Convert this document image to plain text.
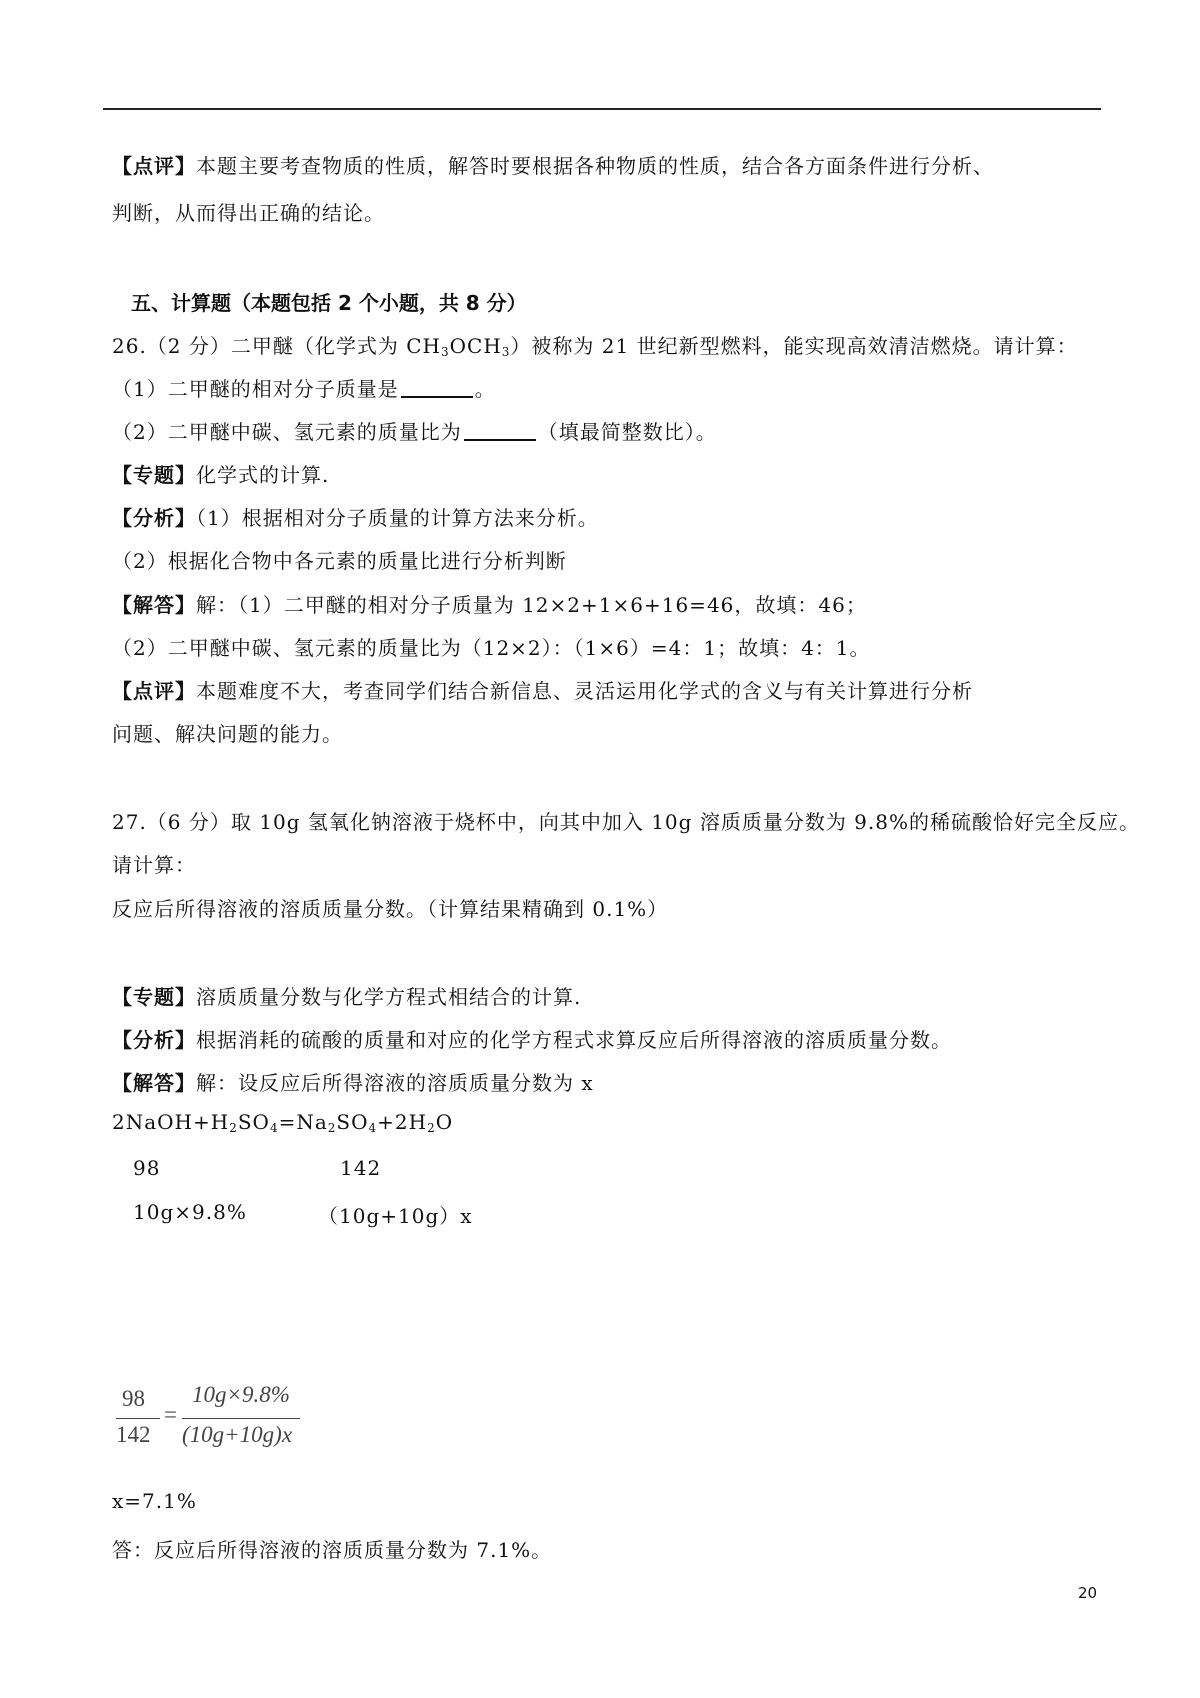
【点评】本题主要考查物质的性质，解答时要根据各种物质的性质，结合各方面条件进行分析、
判断，从而得出正确的结论。
五、计算题（本题包括 2 个小题，共 8 分）
26.（2 分）二甲醚（化学式为 $CH_3OCH_3$）被称为 21 世纪新型燃料，能实现高效清洁燃烧。请计算：
（1）二甲醚的相对分子质量是	。
（2）二甲醚中碳、氢元素的质量比为	（填最简整数比）。
【专题】化学式的计算.
【分析】（1）根据相对分子质量的计算方法来分析。
（2）根据化合物中各元素的质量比进行分析判断
【解答】解：（1）二甲醚的相对分子质量为 12×2+1×6+16=46，故填：46；
（2）二甲醚中碳、氢元素的质量比为（12×2）：（1×6）=4：1；故填：4：1。
【点评】本题难度不大，考查同学们结合新信息、灵活运用化学式的含义与有关计算进行分析
问题、解决问题的能力。
27.（6 分）取 10g 氢氧化钠溶液于烧杯中，向其中加入 10g 溶质质量分数为 9.8%的稀硫酸恰好完全反应。
请计算：
反应后所得溶液的溶质质量分数。（计算结果精确到 0.1%）
【专题】溶质质量分数与化学方程式相结合的计算.
【分析】根据消耗的硫酸的质量和对应的化学方程式求算反应后所得溶液的溶质质量分数。
【解答】解：设反应后所得溶液的溶质质量分数为 x
$2NaOH+H_2SO_4=Na_2SO_4+2H_2O$
98	142
10g×9.8%	（10g+10g）x
98
142
=
10g×9.8%
(10g+10g)x
x=7.1%
答：反应后所得溶液的溶质质量分数为 7.1%。
20
